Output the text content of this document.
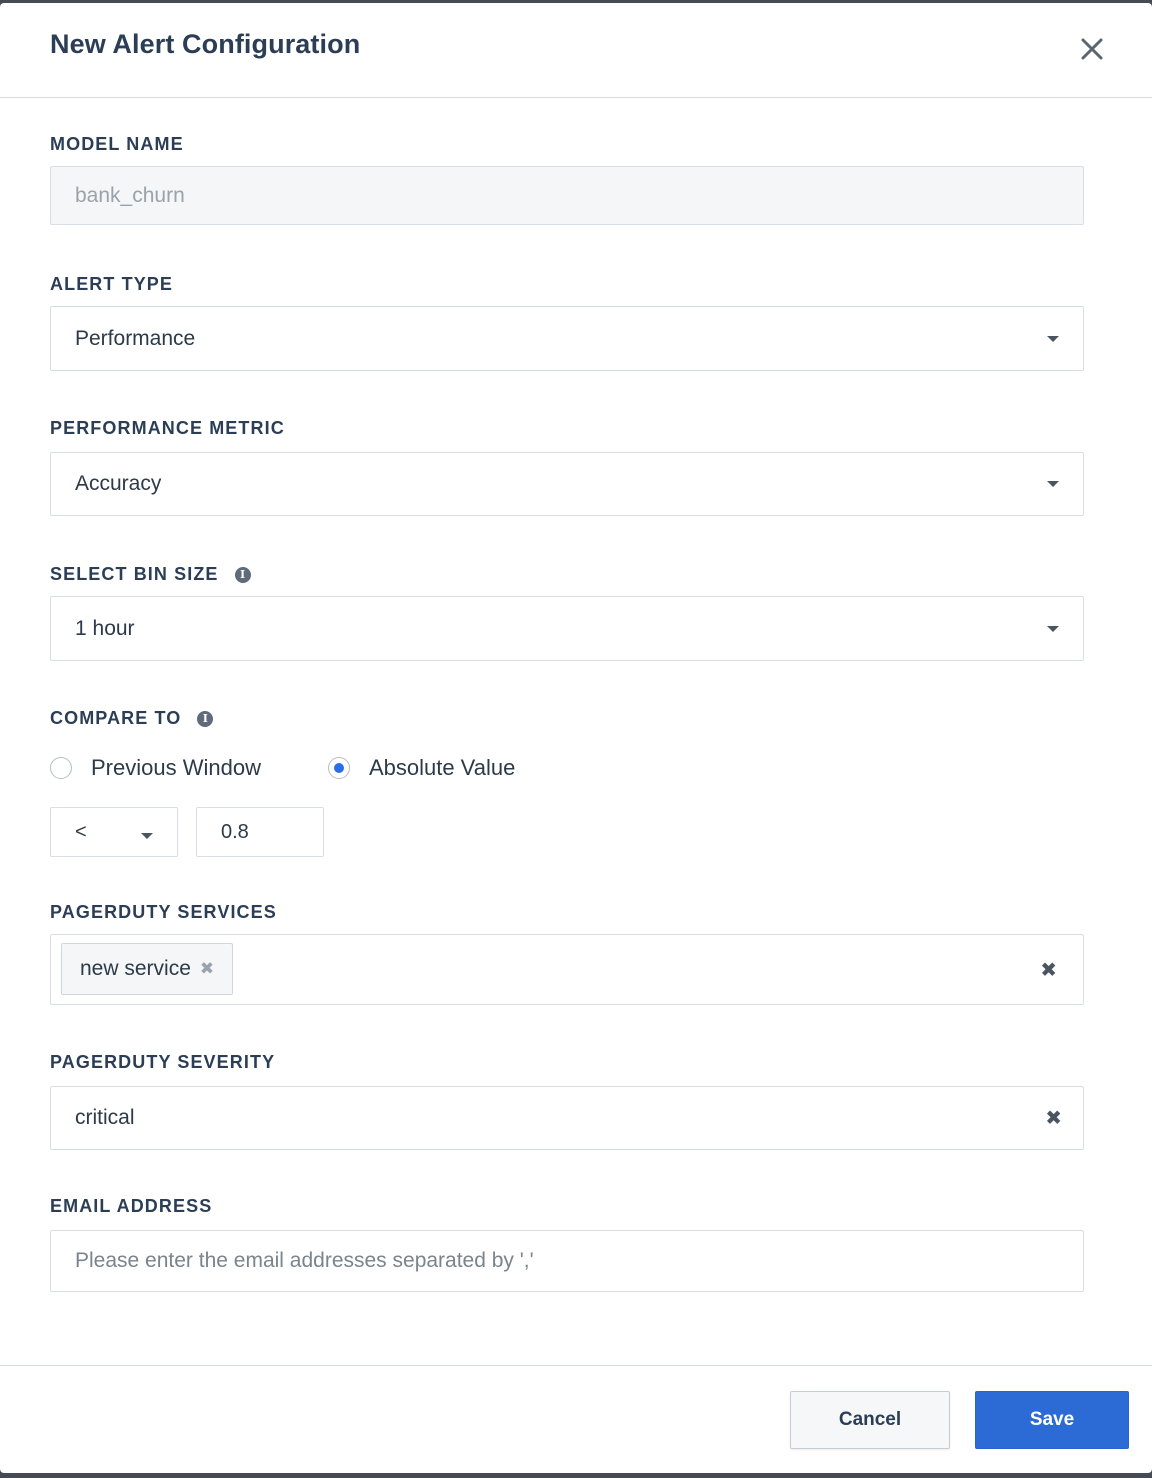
New Alert Configuration
MODEL NAME
bank_churn
ALERT TYPE
Performance
PERFORMANCE METRIC
Accuracy
SELECT BIN SIZE	I
1 hour
COMPARE TO	I
Previous Window	Absolute Value
<	0.8
PAGERDUTY SERVICES
new service ✖	✖
PAGERDUTY SEVERITY
critical	✖
EMAIL ADDRESS
Please enter the email addresses separated by ','
Cancel	Save
